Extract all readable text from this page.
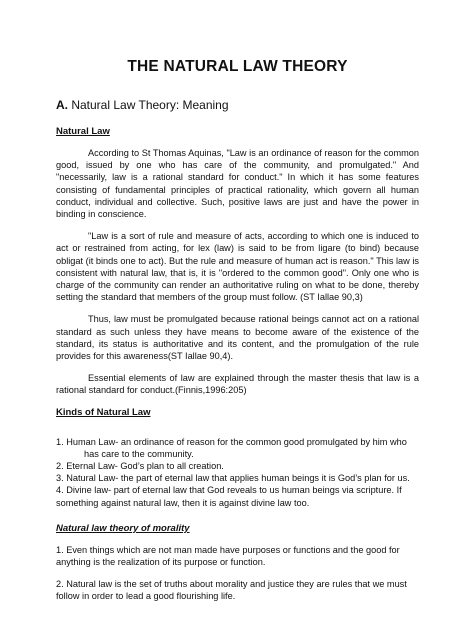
THE NATURAL LAW THEORY
A. Natural Law Theory: Meaning
Natural Law

According to St Thomas Aquinas, "Law is an ordinance of reason for the common good, issued by one who has care of the community, and promulgated." And "necessarily, law is a rational standard for conduct." In which it has some features consisting of fundamental principles of practical rationality, which govern all human conduct, individual and collective. Such, positive laws are just and have the power in binding in conscience.

"Law is a sort of rule and measure of acts, according to which one is induced to act or restrained from acting, for lex (law) is said to be from ligare (to bind) because obligat (it binds one to act). But the rule and measure of human act is reason." This law is consistent with natural law, that is, it is "ordered to the common good". Only one who is charge of the community can render an authoritative ruling on what to be done, thereby setting the standard that members of the group must follow. (ST Iallae 90,3)

Thus, law must be promulgated because rational beings cannot act on a rational standard as such unless they have means to become aware of the existence of the standard, its status is authoritative and its content, and the promulgation of the rule provides for this awareness(ST Iallae 90,4).

Essential elements of law are explained through the master thesis that law is a rational standard for conduct.(Finnis,1996:205)

Kinds of Natural Law
1. Human Law- an ordinance of reason for the common good promulgated by him who
has care to the community.
2. Eternal Law- God’s plan to all creation.
3. Natural Law- the part of eternal law that applies human beings it is God’s plan for us.
4. Divine law- part of eternal law that God reveals to us human beings via scripture. If something against natural law, then it is against divine law too.
Natural law theory of morality

1. Even things which are not man made have purposes or functions and the good for anything is the realization of its purpose or function.

2. Natural law is the set of truths about morality and justice they are rules that we must follow in order to lead a good flourishing life.
